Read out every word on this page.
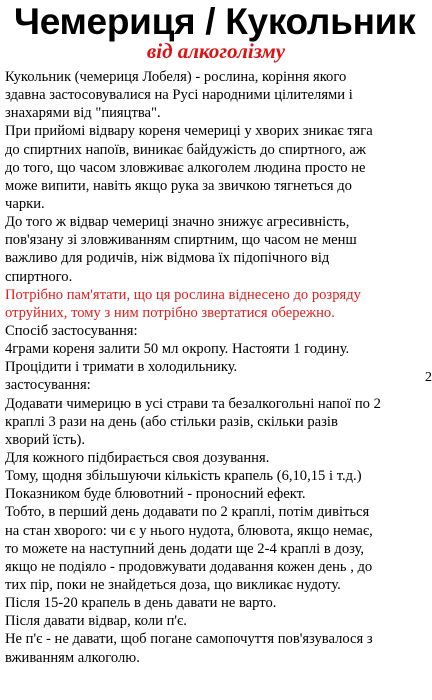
Чемериця / Кукольник
від алкоголізму
Кукольник (чемериця Лобеля) - рослина, коріння якого
здавна застосовувалися на Русі народними цілителями і
знахарями від "пияцтва".
При прийомі відвару кореня чемериці у хворих зникає тяга
до спиртних напоїв, виникає байдужість до спиртного, аж
до того, що часом зловживає алкоголем людина просто не
може випити, навіть якщо рука за звичкою тягнеться до
чарки.
До того ж відвар чемериці значно знижує агресивність,
пов'язану зі зловживанням спиртним, що часом не менш
важливо для родичів, ніж відмова їх підопічного від
спиртного.
Потрібно пам'ятати, що ця рослина віднесено до розряду
отруйних, тому з ним потрібно звертатися обережно.
Спосіб застосування:
4грами кореня залити 50 мл окропу. Настояти 1 годину.
Процідити і тримати в холодильнику.
застосування:
Додавати чимерицю в усі страви та безалкогольні напої по 2
краплі 3 рази на день (або стільки разів, скільки разів
хворий їсть).
Для кожного підбирається своя дозування.
Тому, щодня збільшуючи кількість крапель (6,10,15 і т.д.)
Показником буде блювотний - проносний ефект.
Тобто, в перший день додавати по 2 краплі, потім дивіться
на стан хворого: чи є у нього нудота, блювота, якщо немає,
то можете на наступний день додати ще 2-4 краплі в дозу,
якщо не подіяло - продовжувати додавання кожен день , до
тих пір, поки не знайдеться доза, що викликає нудоту.
Після 15-20 крапель в день давати не варто.
Після давати відвар, коли п'є.
Не п'є - не давати, щоб погане самопочуття пов'язувалося з
вживанням алкоголю.
2
